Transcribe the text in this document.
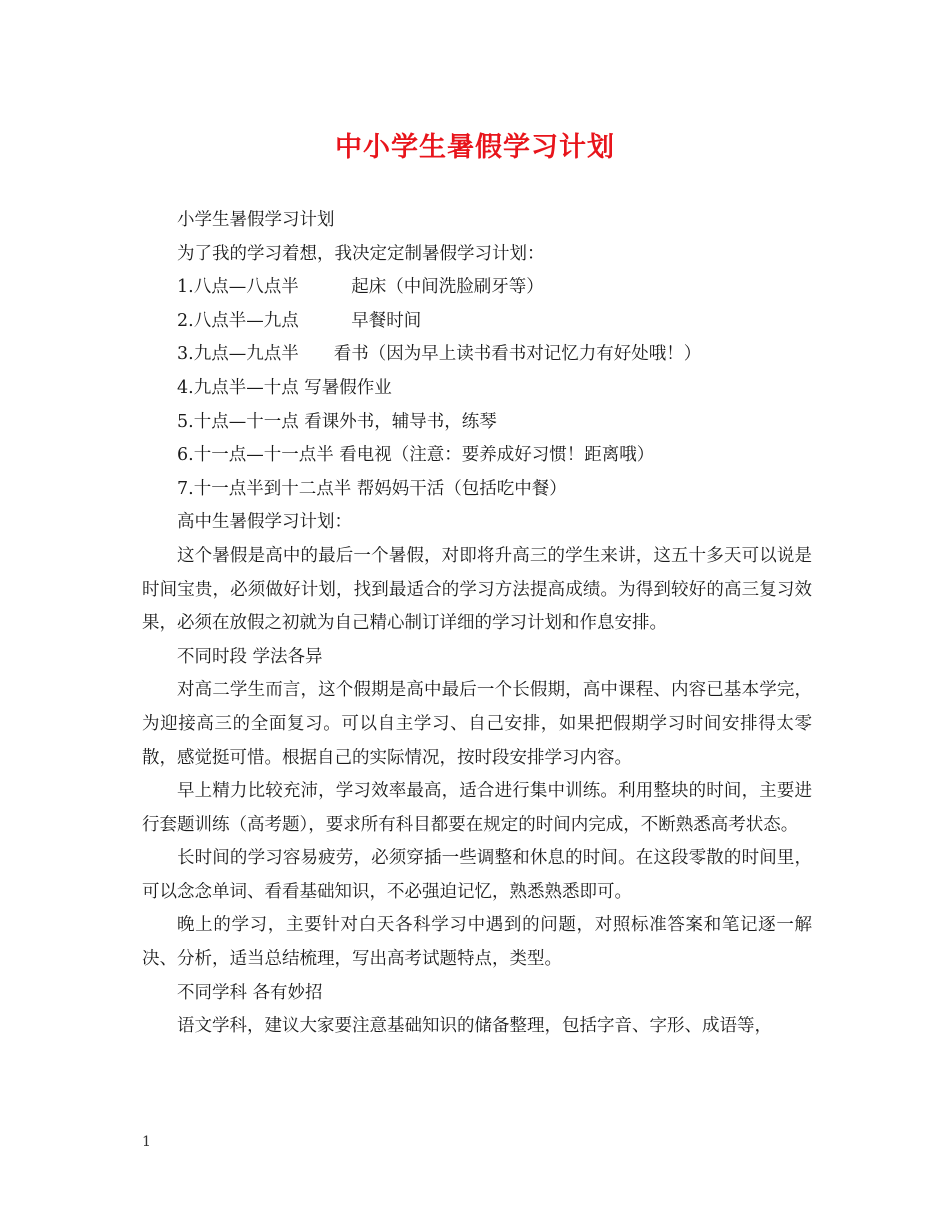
中小学生暑假学习计划

小学生暑假学习计划

为了我的学习着想，我决定定制暑假学习计划：

1.八点—八点半　　　起床（中间洗脸刷牙等）

2.八点半—九点　　　早餐时间

3.九点—九点半　　看书（因为早上读书看书对记忆力有好处哦！）

4.九点半—十点 写暑假作业

5.十点—十一点 看课外书，辅导书，练琴

6.十一点—十一点半 看电视（注意：要养成好习惯！距离哦）

7.十一点半到十二点半 帮妈妈干活（包括吃中餐）

高中生暑假学习计划：

这个暑假是高中的最后一个暑假，对即将升高三的学生来讲，这五十多天可以说是时间宝贵，必须做好计划，找到最适合的学习方法提高成绩。为得到较好的高三复习效果，必须在放假之初就为自己精心制订详细的学习计划和作息安排。

不同时段 学法各异

对高二学生而言，这个假期是高中最后一个长假期，高中课程、内容已基本学完，为迎接高三的全面复习。可以自主学习、自己安排，如果把假期学习时间安排得太零散，感觉挺可惜。根据自己的实际情况，按时段安排学习内容。

早上精力比较充沛，学习效率最高，适合进行集中训练。利用整块的时间，主要进行套题训练（高考题），要求所有科目都要在规定的时间内完成，不断熟悉高考状态。

长时间的学习容易疲劳，必须穿插一些调整和休息的时间。在这段零散的时间里，可以念念单词、看看基础知识，不必强迫记忆，熟悉熟悉即可。

晚上的学习，主要针对白天各科学习中遇到的问题，对照标准答案和笔记逐一解决、分析，适当总结梳理，写出高考试题特点，类型。

不同学科 各有妙招

语文学科，建议大家要注意基础知识的储备整理，包括字音、字形、成语等，

1
